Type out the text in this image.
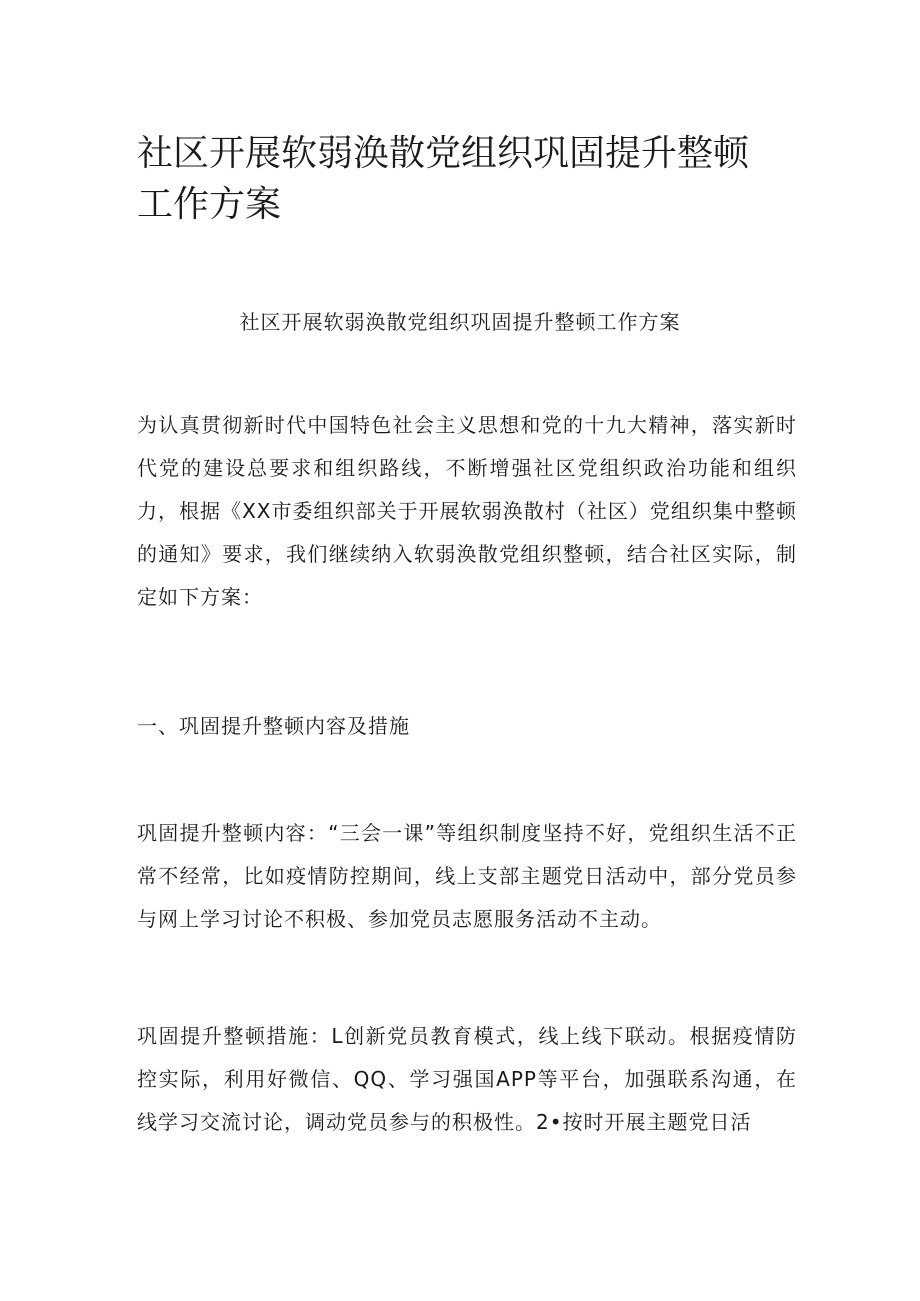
社区开展软弱涣散党组织巩固提升整顿工作方案

社区开展软弱涣散党组织巩固提升整顿工作方案

为认真贯彻新时代中国特色社会主义思想和党的十九大精神，落实新时代党的建设总要求和组织路线，不断增强社区党组织政治功能和组织力，根据《XX市委组织部关于开展软弱涣散村（社区）党组织集中整顿的通知》要求，我们继续纳入软弱涣散党组织整顿，结合社区实际，制定如下方案：

一、巩固提升整顿内容及措施

巩固提升整顿内容：“三会一课”等组织制度坚持不好，党组织生活不正常不经常，比如疫情防控期间，线上支部主题党日活动中，部分党员参与网上学习讨论不积极、参加党员志愿服务活动不主动。

巩固提升整顿措施：L创新党员教育模式，线上线下联动。根据疫情防控实际，利用好微信、QQ、学习强国APP等平台，加强联系沟通，在线学习交流讨论，调动党员参与的积极性。2•按时开展主题党日活
